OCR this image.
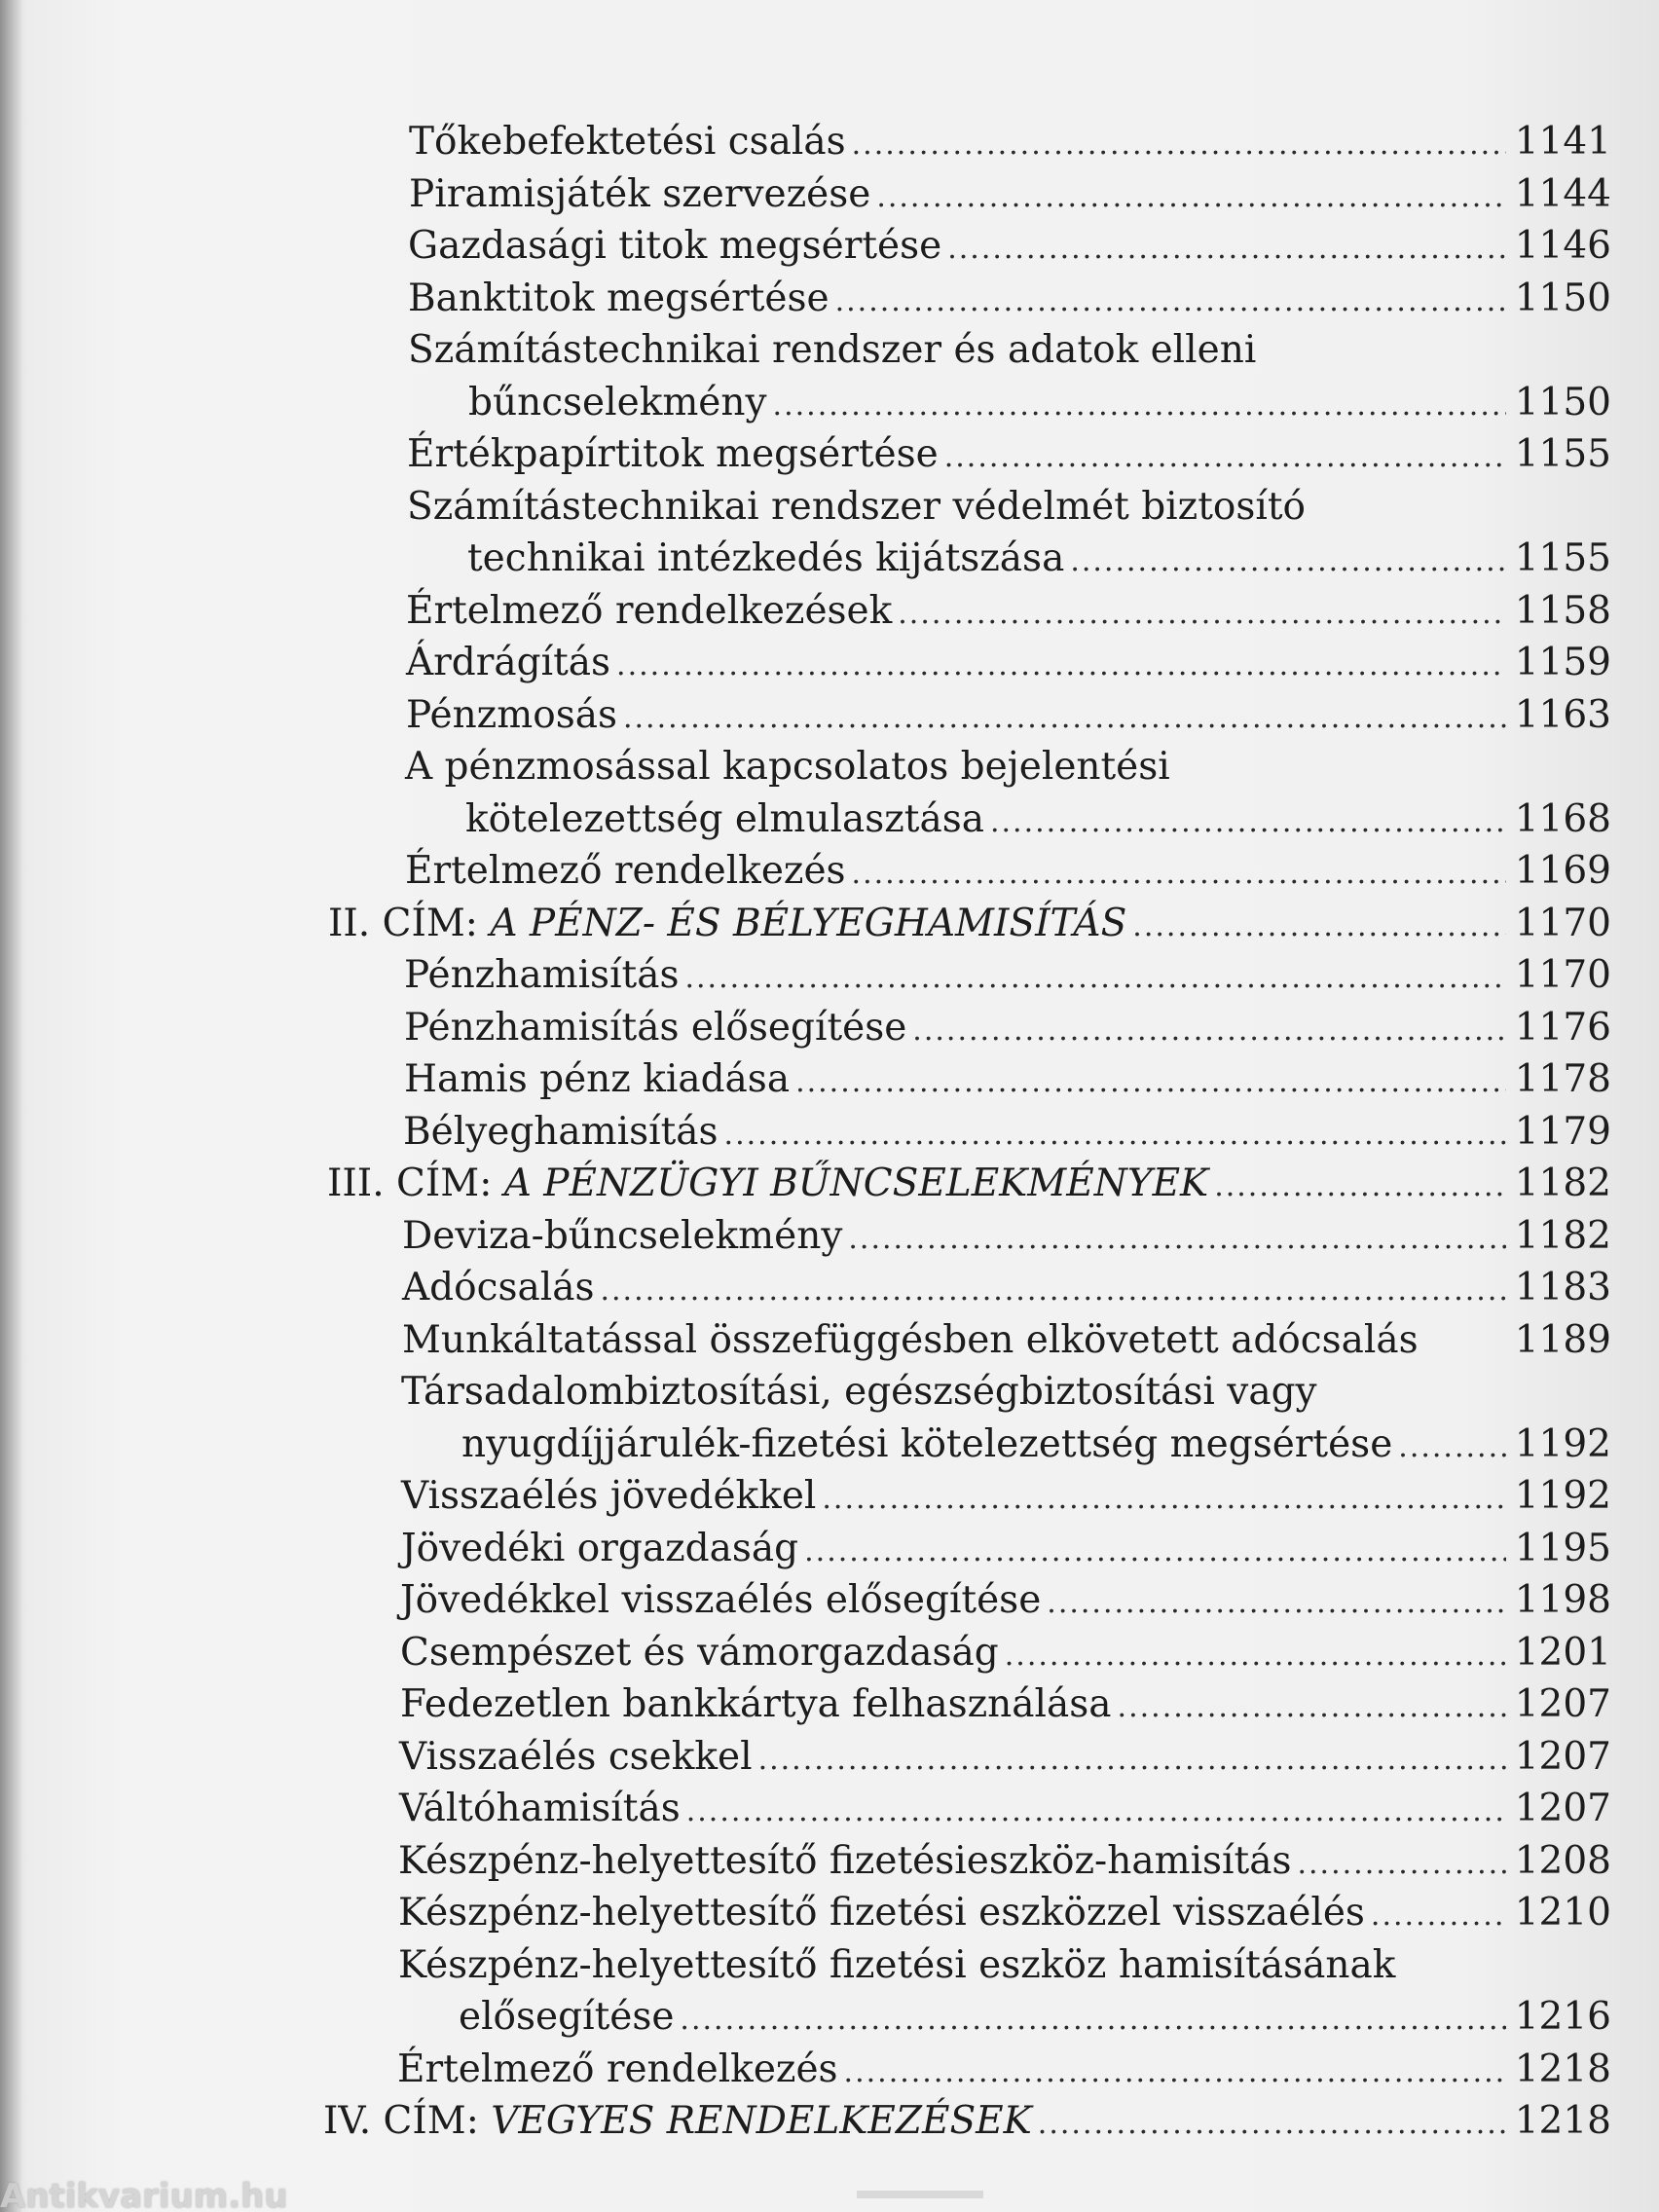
Tőkebefektetési csalás .....	1141
Piramisjáték szervezése .....	1144
Gazdasági titok megsértése .....	1146
Banktitok megsértése .....	1150
Számítástechnikai rendszer és adatok elleni
bűncselekmény .....	1150
Értékpapírtitok megsértése .....	1155
Számítástechnikai rendszer védelmét biztosító
technikai intézkedés kijátszása .....	1155
Értelmező rendelkezések .....	1158
Árdrágítás .....	1159
Pénzmosás .....	1163
A pénzmosással kapcsolatos bejelentési
kötelezettség elmulasztása .....	1168
Értelmező rendelkezés .....	1169
II. CÍM: A PÉNZ- ÉS BÉLYEGHAMISÍTÁS .....	1170
Pénzhamisítás .....	1170
Pénzhamisítás elősegítése .....	1176
Hamis pénz kiadása .....	1178
Bélyeghamisítás .....	1179
III. CÍM: A PÉNZÜGYI BŰNCSELEKMÉNYEK .....	1182
Deviza-bűncselekmény .....	1182
Adócsalás .....	1183
Munkáltatással összefüggésben elkövetett adócsalás	1189
Társadalombiztosítási, egészségbiztosítási vagy
nyugdíjjárulék-fizetési kötelezettség megsértése .....	1192
Visszaélés jövedékkel .....	1192
Jövedéki orgazdaság .....	1195
Jövedékkel visszaélés elősegítése .....	1198
Csempészet és vámorgazdaság .....	1201
Fedezetlen bankkártya felhasználása .....	1207
Visszaélés csekkel .....	1207
Váltóhamisítás .....	1207
Készpénz-helyettesítő fizetésieszköz-hamisítás .....	1208
Készpénz-helyettesítő fizetési eszközzel visszaélés .....	1210
Készpénz-helyettesítő fizetési eszköz hamisításának
elősegítése .....	1216
Értelmező rendelkezés .....	1218
IV. CÍM: VEGYES RENDELKEZÉSEK .....	1218
Antikvarium.hu
